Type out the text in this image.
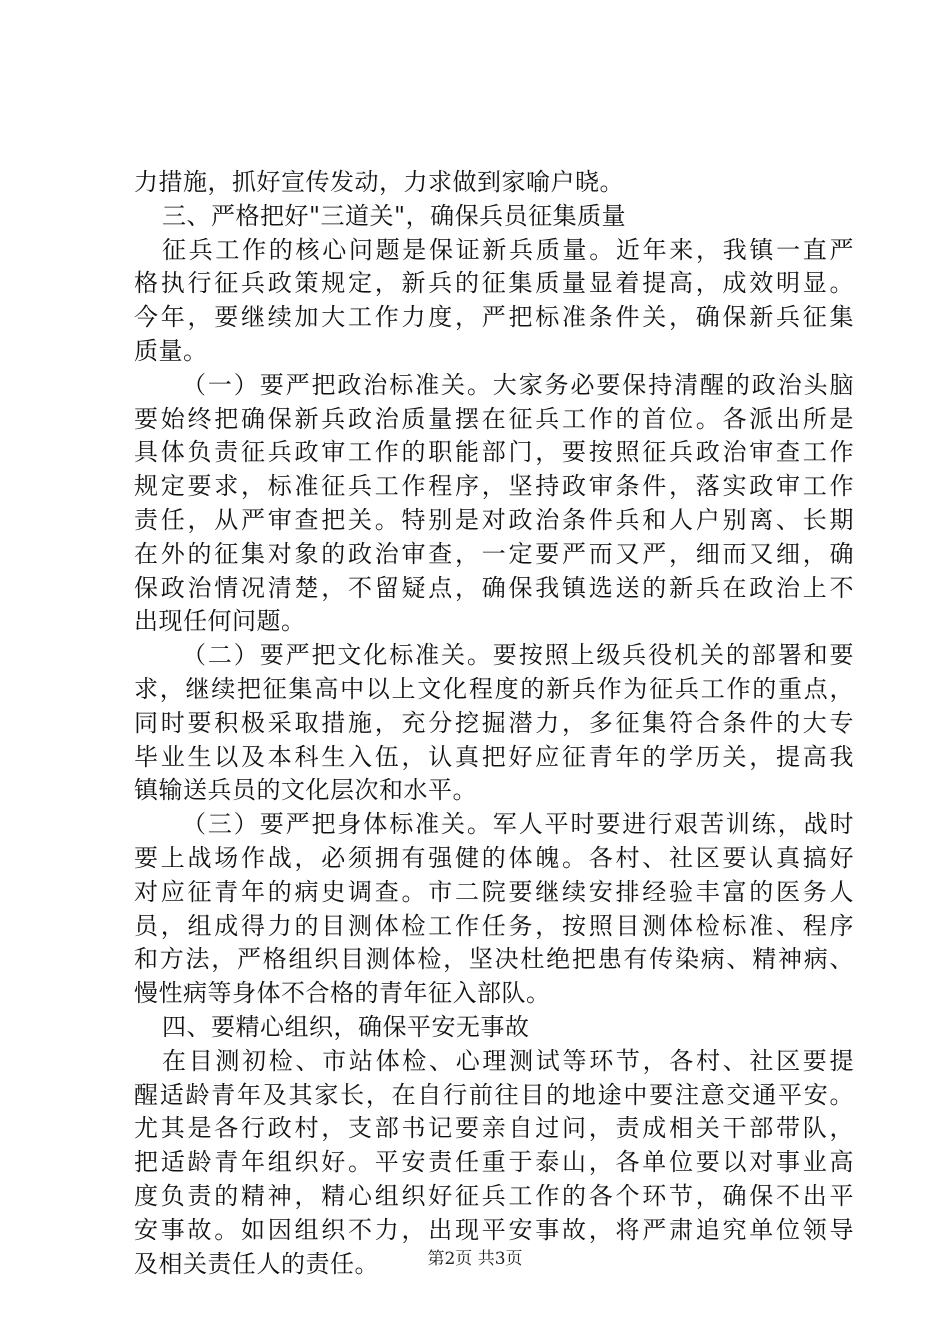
力措施，抓好宣传发动，力求做到家喻户晓。
三、严格把好"三道关"，确保兵员征集质量
征兵工作的核心问题是保证新兵质量。近年来，我镇一直严
格执行征兵政策规定，新兵的征集质量显着提高，成效明显。
今年，要继续加大工作力度，严把标准条件关，确保新兵征集
质量。
（一）要严把政治标准关。大家务必要保持清醒的政治头脑
要始终把确保新兵政治质量摆在征兵工作的首位。各派出所是
具体负责征兵政审工作的职能部门，要按照征兵政治审查工作
规定要求，标准征兵工作程序，坚持政审条件，落实政审工作
责任，从严审查把关。特别是对政治条件兵和人户别离、长期
在外的征集对象的政治审查，一定要严而又严，细而又细，确
保政治情况清楚，不留疑点，确保我镇选送的新兵在政治上不
出现任何问题。
（二）要严把文化标准关。要按照上级兵役机关的部署和要
求，继续把征集高中以上文化程度的新兵作为征兵工作的重点，
同时要积极采取措施，充分挖掘潜力，多征集符合条件的大专
毕业生以及本科生入伍，认真把好应征青年的学历关，提高我
镇输送兵员的文化层次和水平。
（三）要严把身体标准关。军人平时要进行艰苦训练，战时
要上战场作战，必须拥有强健的体魄。各村、社区要认真搞好
对应征青年的病史调查。市二院要继续安排经验丰富的医务人
员，组成得力的目测体检工作任务，按照目测体检标准、程序
和方法，严格组织目测体检，坚决杜绝把患有传染病、精神病、
慢性病等身体不合格的青年征入部队。
四、要精心组织，确保平安无事故
在目测初检、市站体检、心理测试等环节，各村、社区要提
醒适龄青年及其家长，在自行前往目的地途中要注意交通平安。
尤其是各行政村，支部书记要亲自过问，责成相关干部带队，
把适龄青年组织好。平安责任重于泰山，各单位要以对事业高
度负责的精神，精心组织好征兵工作的各个环节，确保不出平
安事故。如因组织不力，出现平安事故，将严肃追究单位领导
及相关责任人的责任。	第2页 共3页
